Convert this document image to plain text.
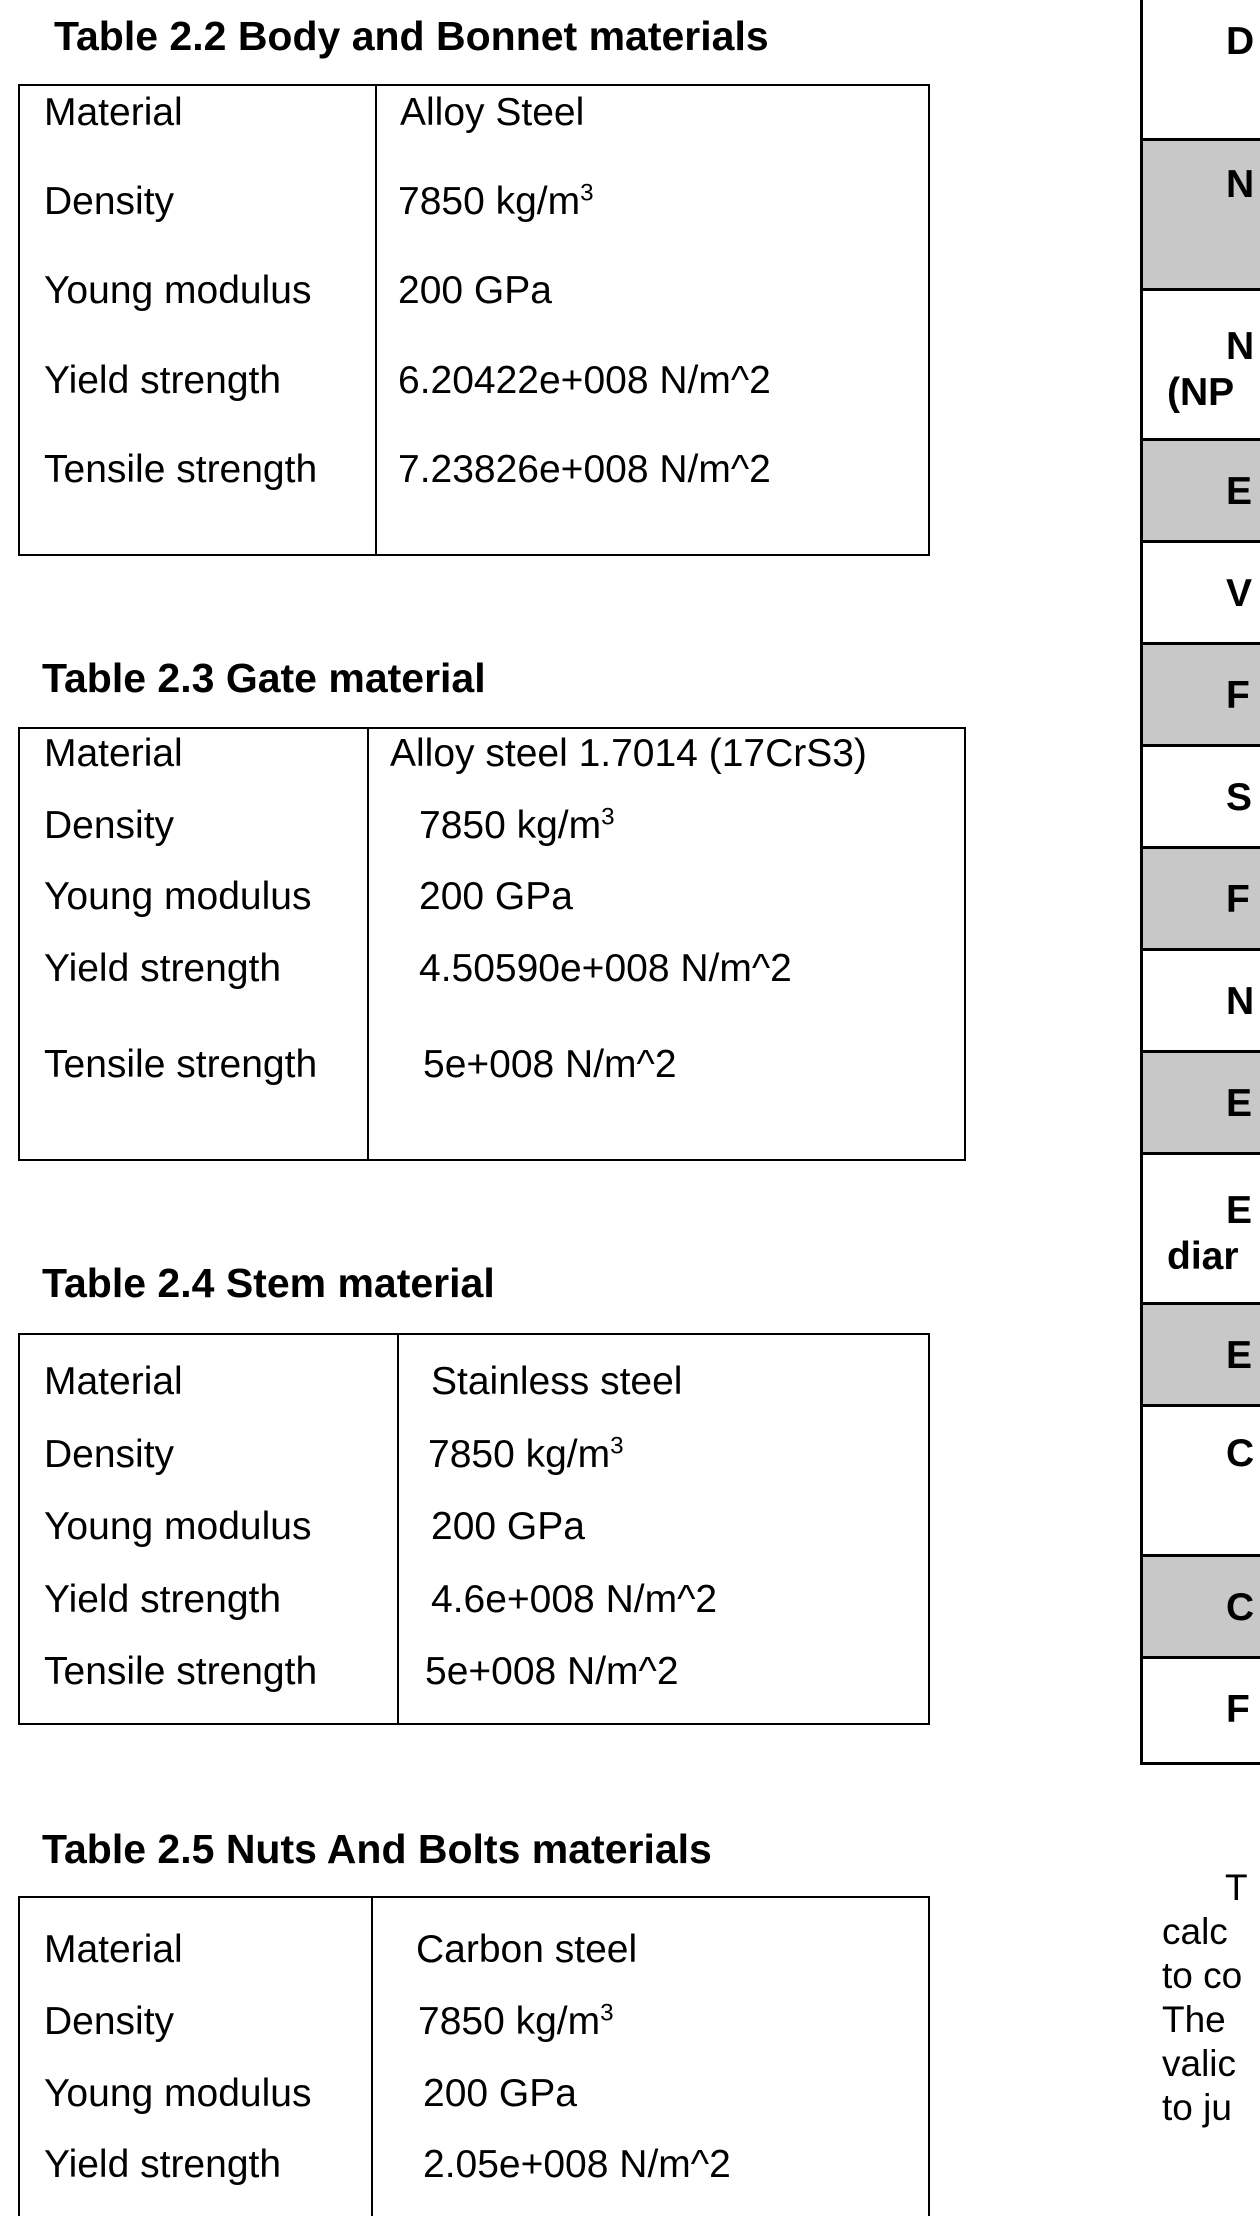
Table 2.2 Body and Bonnet materials
Material	Alloy Steel
Density	7850 $kg/m^3$
Young modulus 200 GPa
Yield strength	6.20422e+008 N/m^2
Tensile strength 7.23826e+008 N/m^2
Table 2.3 Gate material
Material	Alloy steel 1.7014 (17CrS3)
Density	7850 $kg/m^3$
Young modulus	200 GPa
Yield strength	4.50590e+008 N/m^2
Tensile strength	5e+008 N/m^2
Table 2.4 Stem material
Material	Stainless steel
Density	7850 $kg/m^3$
Young modulus	200 GPa
Yield strength	4.6e+008 N/m^2
Tensile strength	5e+008 N/m^2
Table 2.5 Nuts And Bolts materials
Material	Carbon steel
Density	7850 $kg/m^3$
Young modulus	200 GPa
Yield strength	2.05e+008 N/m^2
D
N
N
(NP
E
V
F
S
F
N
E
E
diar
E
C
C
F
T
calc
to co
The
valic
to ju
